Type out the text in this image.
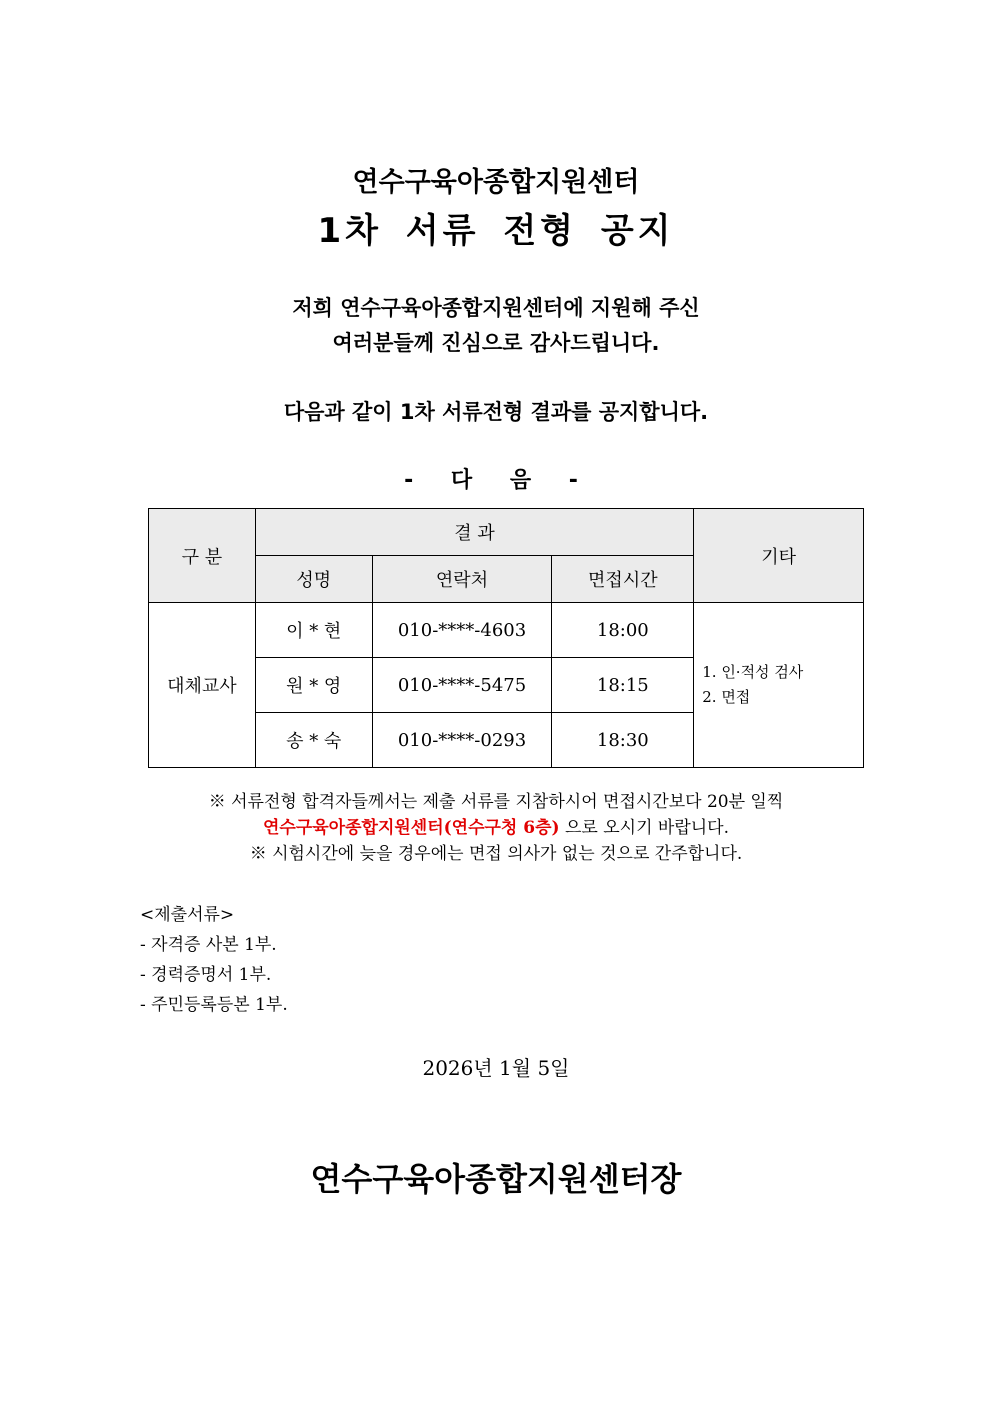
연수구육아종합지원센터
1차 서류 전형 공지
저희 연수구육아종합지원센터에 지원해 주신
여러분들께 진심으로 감사드립니다.
다음과 같이 1차 서류전형 결과를 공지합니다.
- 다 음 -
구 분	결 과			기타
	성명	연락처	면접시간	
대체교사	이 * 현	010-****-4603	18:00	1. 인·적성 검사
2. 면접

	원 * 영	010-****-5475	18:15	
	송 * 숙	010-****-0293	18:30	
※ 서류전형 합격자들께서는 제출 서류를 지참하시어 면접시간보다 20분 일찍
연수구육아종합지원센터(연수구청 6층) 으로 오시기 바랍니다.
※ 시험시간에 늦을 경우에는 면접 의사가 없는 것으로 간주합니다.
<제출서류>
- 자격증 사본 1부.
- 경력증명서 1부.
- 주민등록등본 1부.
2026년 1월 5일
연수구육아종합지원센터장
